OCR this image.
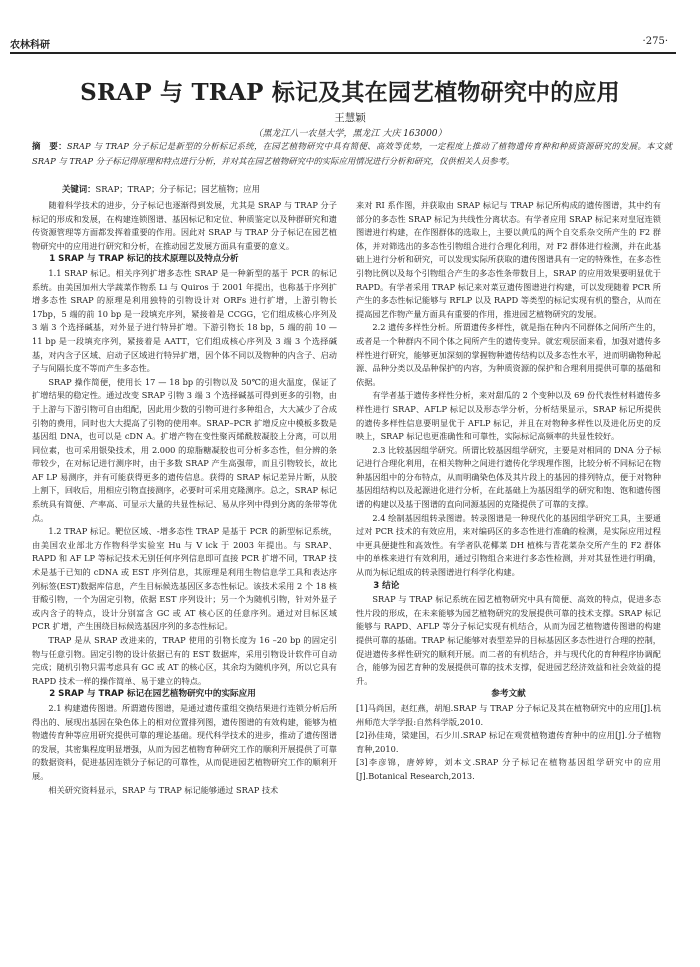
农林科研	·275·
SRAP 与 TRAP 标记及其在园艺植物研究中的应用
王慧颖
（黑龙江八一农垦大学，黑龙江 大庆 163000）
摘　要：SRAP 与 TRAP 分子标记是新型的分析标记系统，在园艺植物研究中具有简便、高效等优势，一定程度上推动了植物遗传育种和种质资源研究的发展。本文就 SRAP 与 TRAP 分子标记得原理和特点进行分析，并对其在园艺植物研究中的实际应用情况进行分析和研究，仅供相关人员参考。
关键词：SRAP；TRAP；分子标记；园艺植物；应用

随着科学技术的进步，分子标记也逐渐得到发展，尤其是 SRAP 与 TRAP 分子标记的形成和发展，在构建连锁图谱、基因标记和定位、种质鉴定以及种群研究和遗传资源管理等方面都发挥着重要的作用。因此对 SRAP 与 TRAP 分子标记在园艺植物研究中的应用进行研究和分析，在推动园艺发展方面具有重要的意义。

1 SRAP 与 TRAP 标记的技术原理以及特点分析

1.1 SRAP 标记。相关序列扩增多态性 SRAP 是一种新型的基于 PCR 的标记系统。由美国加州大学蔬菜作物系 Li 与 Quiros 于 2001 年提出，也称基于序列扩增多态性 SRAP 的原理是利用独特的引物设计对 ORFs 进行扩增，上游引物长 17bp，5 端的前 10 bp 是一段填充序列，紧接着是 CCGG，它们组成核心序列及 3 端 3 个选择碱基，对外显子进行特异扩增。下游引物长 18 bp，5 端的前 10 — 11 bp 是一段填充序列，紧接着是 AATT，它们组成核心序列及 3 端 3 个选择碱基，对内含子区域、启动子区域进行特异扩增，因个体不同以及物种的内含子、启动子与间隔长度不等而产生多态性。

SRAP 操作简便，使用长 17 — 18 bp 的引物以及 50℃的退火温度，保证了扩增结果的稳定性。通过改变 SRAP 引物 3 端 3 个选择碱基可得到更多的引物，由于上游与下游引物可自由组配，因此用少数的引物可进行多种组合，大大减少了合成引物的费用，同时也大大提高了引物的使用率。SRAP–PCR 扩增反应中模板多数是基因组 DNA，也可以是 cDN A。扩增产物在变性聚丙烯酰胺凝胶上分离，可以用同位素，也可采用银染技术，用 2.000 的琼脂糖凝胶也可分析多态性，但分辨的条带较少，在对标记进行测序时，由于多数 SRAP 产生高强带，而且引物较长，故比 AF LP 易测序，并有可能获得更多的遗传信息。获得的 SRAP 标记差异片断，从胶上割下，回收后，用相应引物直接测序，必要时可采用克隆测序。总之，SRAP 标记系统具有简便、产率高、可显示大量的共显性标记、易从序列中得到分离的条带等优点。

1.2 TRAP 标记。靶位区域、-增多态性 TRAP 是基于 PCR 的新型标记系统，由美国农业部北方作物科学实验室 Hu 与 V ick 于 2003 年提出。与 SRAP、RAPD 和 AF LP 等标记技术无别任何序列信息即可直接 PCR 扩增不同，TRAP 技术是基于已知的 cDNA 或 EST 序列信息，其原理是利用生物信息学工具和表达序列标签(EST)数据库信息，产生目标候选基因区多态性标记。该技术采用 2 个 18 核苷酸引物，一个为固定引物，依据 EST 序列设计；另一个为随机引物，针对外显子或内含子的特点，设计分别富含 GC 或 AT 核心区的任意序列。通过对目标区域 PCR 扩增，产生围绕目标候选基因序列的多态性标记。

TRAP 是从 SRAP 改进来的，TRAP 使用的引物长度为 16 –20 bp 的固定引物与任意引物。固定引物的设计依据已有的 EST 数据库，采用引物设计软件可自动完成；随机引物只需考虑具有 GC 或 AT 的核心区，其余均为随机序列，所以它具有 RAPD 技术一样的操作简单、易于建立的特点。

2 SRAP 与 TRAP 标记在园艺植物研究中的实际应用

2.1 构建遗传图谱。所谓遗传图谱，是通过遗传重组交换结果进行连锁分析后所得出的、展现出基因在染色体上的相对位置排列图，遗传图谱的有效构建，能够为植物遗传育种等应用研究提供可靠的理论基础。现代科学技术的进步，推动了遗传图谱的发展，其密集程度明显增强，从而为园艺植物育种研究工作的顺利开展提供了可靠的数据资料，促进基因连锁分子标记的可靠性，从而促进园艺植物研究工作的顺利开展。

相关研究资料显示，SRAP 与 TRAP 标记能够通过 SRAP 技术

来对 RI 系作图，并获取由 SRAP 标记与 TRAP 标记所构成的遗传图谱，其中约有部分的多态性 SRAP 标记为共线性分离状态。有学者应用 SRAP 标记来对皇冠连锁图谱进行构建，在作图群体的选取上，主要以黄瓜的两个自交系杂交所产生的 F2 群体，并对筛选出的多态性引物组合进行合理化利用，对 F2 群体进行检测，并在此基础上进行分析和研究，可以发现实际所获取的遗传图谱具有一定的特殊性，在多态性引物比例以及每个引物组合产生的多态性条带数目上，SRAP 的应用效果要明显优于 RAPD。有学者采用 TRAP 标记来对菜豆遗传图谱进行构建，可以发现随着 PCR 所产生的多态性标记能够与 RFLP 以及 RAPD 等类型的标记实现有机的整合，从而在提高园艺作物产量方面具有重要的作用，推进园艺植物研究的发展。

2.2 遗传多样性分析。所谓遗传多样性，就是指在种内不同群体之间所产生的，或者是一个种群内不同个体之间所产生的遗传变异。就宏观层面来看，加强对遗传多样性进行研究，能够更加深刻的掌握物种遗传结构以及多态性水平，进而明确物种起源、品种分类以及品种保护的内容，为种质资源的保护和合理利用提供可靠的基础和依据。

有学者基于遗传多样性分析，来对甜瓜的 2 个变种以及 69 份代表性材料遗传多样性进行 SRAP、AFLP 标记以及形态学分析，分析结果显示，SRAP 标记所提供的遗传多样性信息要明显优于 AFLP 标记，并且在对物种多样性以及进化历史的反映上，SRAP 标记也更准确性和可靠性，实际标记高频率的共显性较好。

2.3 比较基因组学研究。所谓比较基因组学研究，主要是对相同的 DNA 分子标记进行合理化利用，在相关物种之间进行遗传化学现理作图，比较分析不同标记在物种基因组中的分布特点，从而明确染色体及其片段上的基因的排列特点，便于对物种基因组结构以及起源进化进行分析，在此基础上为基因组学的研究和饱、饱和遗传图谱的构建以及基于图谱的直向同源基因的克隆提供了可靠的支撑。

2.4 绘制基因组转录图谱。转录图谱是一种现代化的基因组学研究工具，主要通过对 PCR 技术的有效应用，来对编码区的多态性进行准确的检测，是实际应用过程中更具便捷性和高效性。有学者队花椰菜 DH 植株与青花菜杂交所产生的 F2 群体中的单株来进行有效利用，通过引物组合来进行多态性检测，并对其显性进行明确，从而为标记组成的转录图谱进行科学化构建。

3 结论

SRAP 与 TRAP 标记系统在园艺植物研究中具有简便、高效的特点，促进多态性片段的形成，在未来能够为园艺植物研究的发展提供可靠的技术支撑。SRAP 标记能够与 RAPD、AFLP 等分子标记实现有机结合，从而为园艺植物遗传图谱的构建提供可靠的基础。TRAP 标记能够对表型差异的目标基因区多态性进行合理的控制，促进遗传多样性研究的顺利开展。而二者的有机结合，并与现代化的育种程序协调配合，能够为园艺育种的发展提供可靠的技术支撑，促进园艺经济效益和社会效益的提升。

参考文献

[1]马尚国，赵红燕，胡旭.SRAP 与 TRAP 分子标记及其在植物研究中的应用[J].杭州师范大学学报:自然科学版,2010.

[2]孙佳琦，梁建国，石少川.SRAP 标记在观赏植物遗传育种中的应用[J].分子植物育种,2010.

[3]李彦锦，唐婷婷，刘本文.SRAP 分子标记在植物基因组学研究中的应用[J].Botanical Research,2013.
